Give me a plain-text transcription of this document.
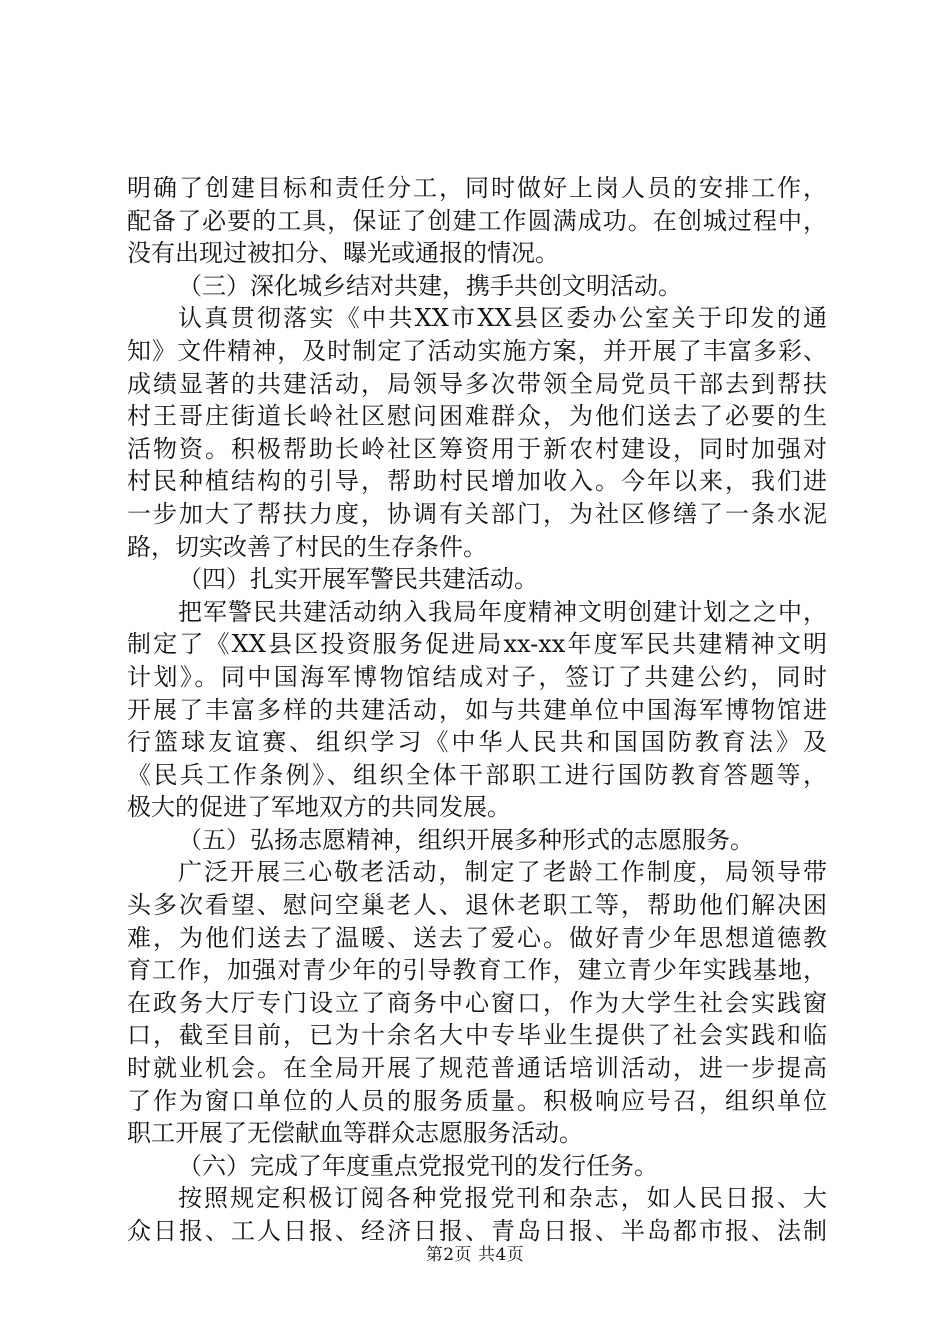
明确了创建目标和责任分工，同时做好上岗人员的安排工作，
配备了必要的工具，保证了创建工作圆满成功。在创城过程中，
没有出现过被扣分、曝光或通报的情况。
（三）深化城乡结对共建，携手共创文明活动。
认真贯彻落实《中共XX市XX县区委办公室关于印发的通
知》文件精神，及时制定了活动实施方案，并开展了丰富多彩、
成绩显著的共建活动，局领导多次带领全局党员干部去到帮扶
村王哥庄街道长岭社区慰问困难群众，为他们送去了必要的生
活物资。积极帮助长岭社区筹资用于新农村建设，同时加强对
村民种植结构的引导，帮助村民增加收入。今年以来，我们进
一步加大了帮扶力度，协调有关部门，为社区修缮了一条水泥
路，切实改善了村民的生存条件。
（四）扎实开展军警民共建活动。
把军警民共建活动纳入我局年度精神文明创建计划之之中，
制定了《XX县区投资服务促进局xx-xx年度军民共建精神文明
计划》。同中国海军博物馆结成对子，签订了共建公约，同时
开展了丰富多样的共建活动，如与共建单位中国海军博物馆进
行篮球友谊赛、组织学习《中华人民共和国国防教育法》及
《民兵工作条例》、组织全体干部职工进行国防教育答题等，
极大的促进了军地双方的共同发展。
（五）弘扬志愿精神，组织开展多种形式的志愿服务。
广泛开展三心敬老活动，制定了老龄工作制度，局领导带
头多次看望、慰问空巢老人、退休老职工等，帮助他们解决困
难，为他们送去了温暖、送去了爱心。做好青少年思想道德教
育工作，加强对青少年的引导教育工作，建立青少年实践基地，
在政务大厅专门设立了商务中心窗口，作为大学生社会实践窗
口，截至目前，已为十余名大中专毕业生提供了社会实践和临
时就业机会。在全局开展了规范普通话培训活动，进一步提高
了作为窗口单位的人员的服务质量。积极响应号召，组织单位
职工开展了无偿献血等群众志愿服务活动。
（六）完成了年度重点党报党刊的发行任务。
按照规定积极订阅各种党报党刊和杂志，如人民日报、大
众日报、工人日报、经济日报、青岛日报、半岛都市报、法制
第2页 共4页
